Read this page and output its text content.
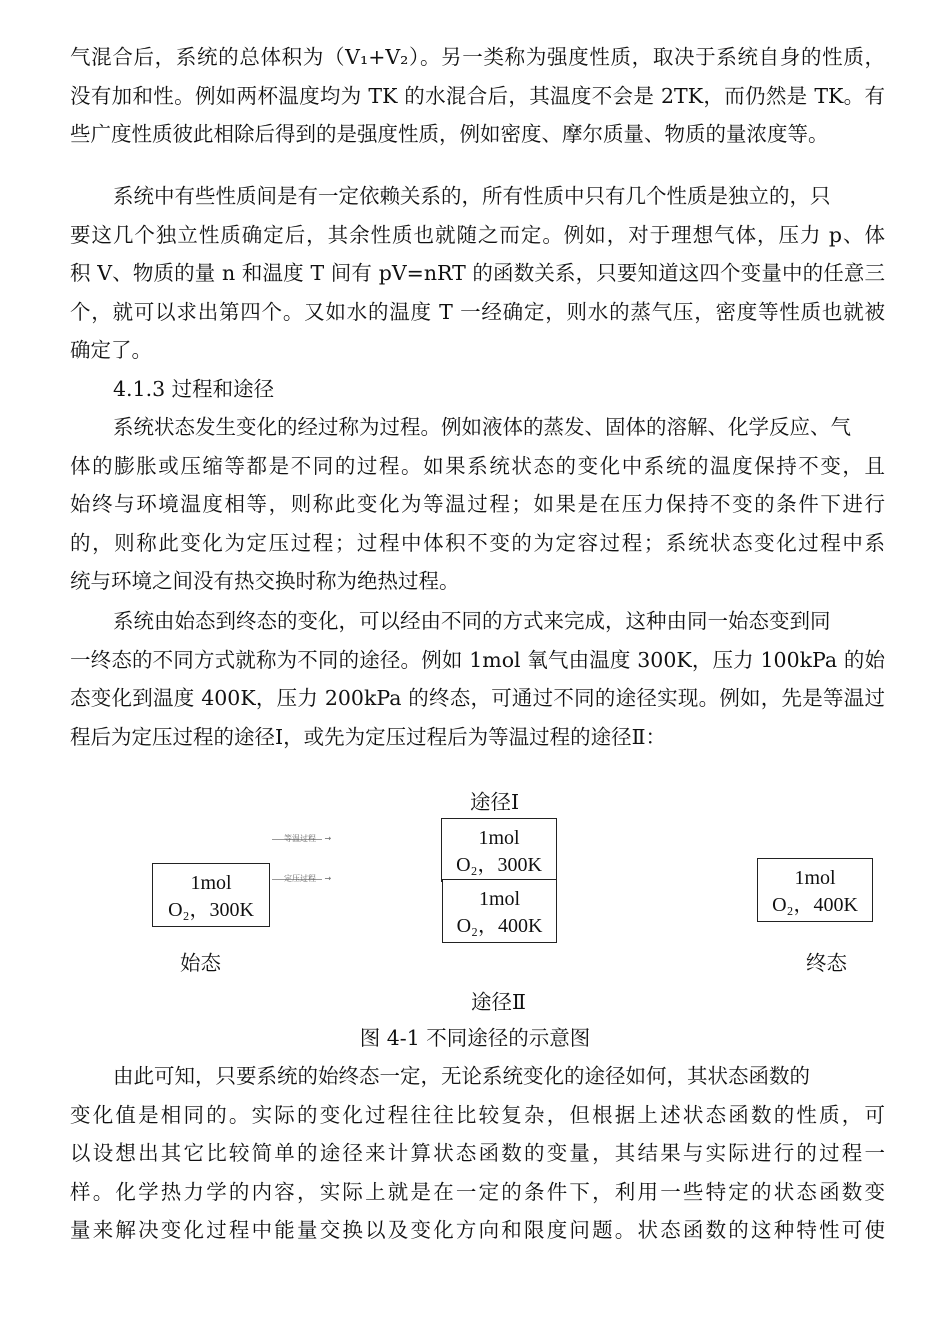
气混合后，系统的总体积为（V₁+V₂）。另一类称为强度性质，取决于系统自身的性质，
没有加和性。例如两杯温度均为 TK 的水混合后，其温度不会是 2TK，而仍然是 TK。有
些广度性质彼此相除后得到的是强度性质，例如密度、摩尔质量、物质的量浓度等。
系统中有些性质间是有一定依赖关系的，所有性质中只有几个性质是独立的，只
要这几个独立性质确定后，其余性质也就随之而定。例如，对于理想气体，压力 p、体
积 V、物质的量 n 和温度 T 间有 pV=nRT 的函数关系，只要知道这四个变量中的任意三
个，就可以求出第四个。又如水的温度 T 一经确定，则水的蒸气压，密度等性质也就被
确定了。
4.1.3 过程和途径
系统状态发生变化的经过称为过程。例如液体的蒸发、固体的溶解、化学反应、气
体的膨胀或压缩等都是不同的过程。如果系统状态的变化中系统的温度保持不变，且
始终与环境温度相等，则称此变化为等温过程；如果是在压力保持不变的条件下进行
的，则称此变化为定压过程；过程中体积不变的为定容过程；系统状态变化过程中系
统与环境之间没有热交换时称为绝热过程。
系统由始态到终态的变化，可以经由不同的方式来完成，这种由同一始态变到同
一终态的不同方式就称为不同的途径。例如 1mol 氧气由温度 300K，压力 100kPa 的始
态变化到温度 400K，压力 200kPa 的终态，可通过不同的途径实现。例如，先是等温过
程后为定压过程的途径Ⅰ，或先为定压过程后为等温过程的途径Ⅱ：
途径Ⅰ
1mol
O₂，300K

等温过程 →

定压过程 →
1mol
O₂，300K
1mol
O₂，400K
1mol
O₂，400K
始态	终态
途径Ⅱ
图 4-1 不同途径的示意图
由此可知，只要系统的始终态一定，无论系统变化的途径如何，其状态函数的
变化值是相同的。实际的变化过程往往比较复杂，但根据上述状态函数的性质，可
以设想出其它比较简单的途径来计算状态函数的变量，其结果与实际进行的过程一
样。化学热力学的内容，实际上就是在一定的条件下，利用一些特定的状态函数变
量来解决变化过程中能量交换以及变化方向和限度问题。状态函数的这种特性可使
